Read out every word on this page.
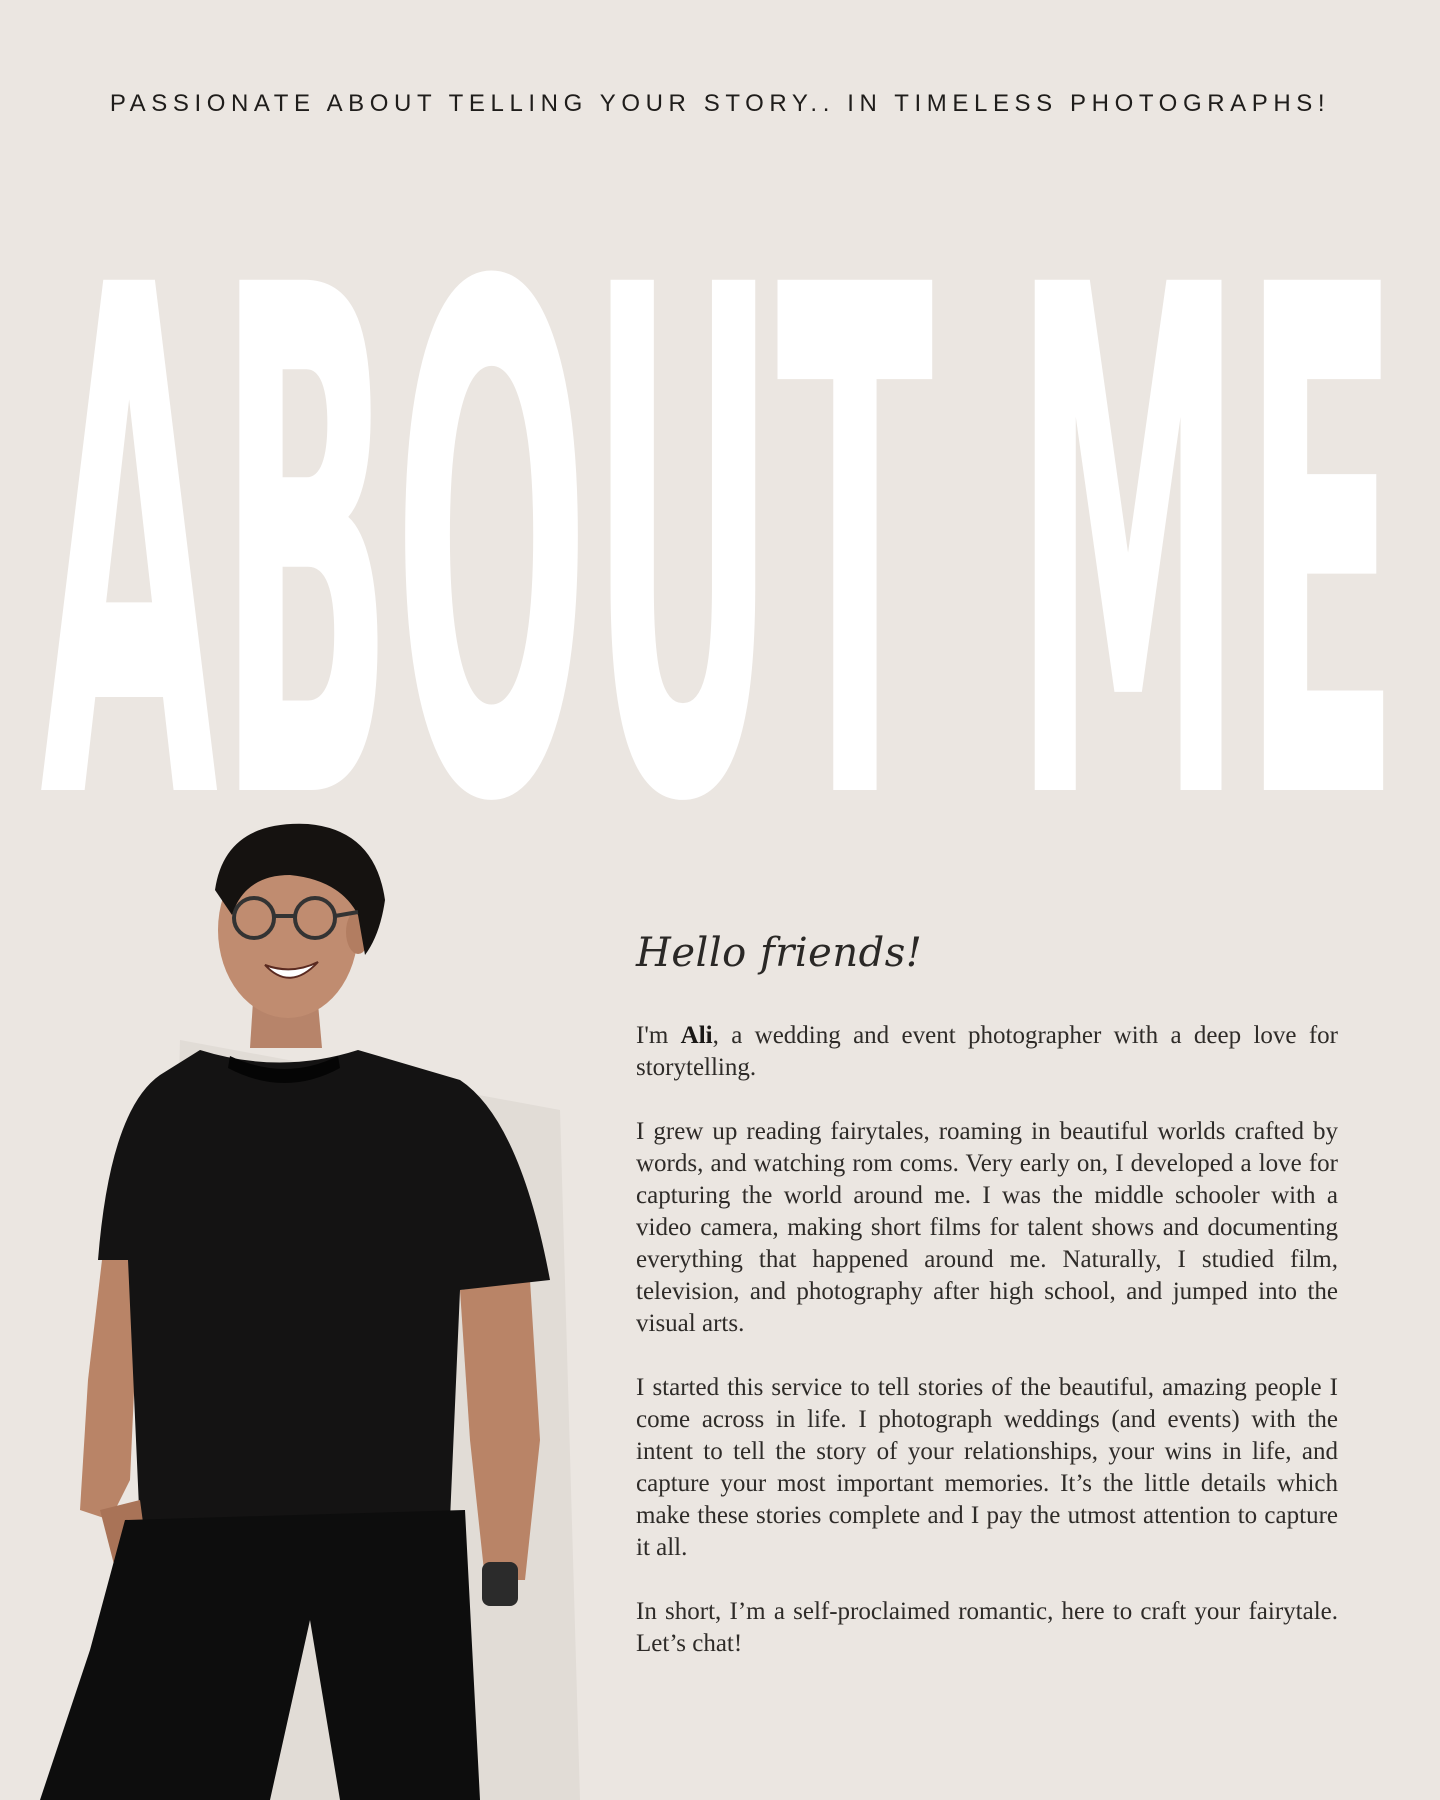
PASSIONATE ABOUT TELLING YOUR STORY.. IN TIMELESS PHOTOGRAPHS!
ABOUT ME

Hello friends!

I'm Ali, a wedding and event photographer with a deep love for storytelling.

I grew up reading fairytales, roaming in beautiful worlds crafted by words, and watching rom coms. Very early on, I developed a love for capturing the world around me. I was the middle schooler with a video camera, making short films for talent shows and documenting everything that happened around me. Naturally, I studied film, television, and photography after high school, and jumped into the visual arts.

I started this service to tell stories of the beautiful, amazing people I come across in life. I photograph weddings (and events) with the intent to tell the story of your relationships, your wins in life, and capture your most important memories. It’s the little details which make these stories complete and I pay the utmost attention to capture it all.

In short, I’m a self-proclaimed romantic, here to craft your fairytale. Let’s chat!
